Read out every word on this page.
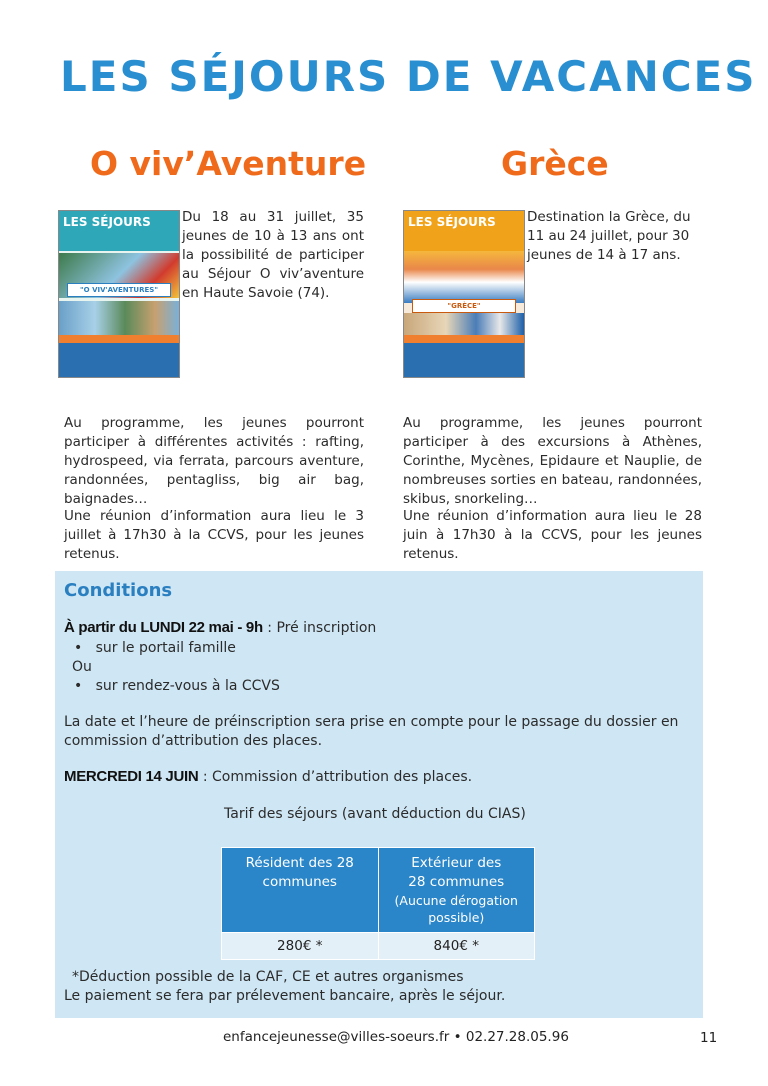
LES SÉJOURS DE VACANCES
O viv’Aventure
LES SÉJOURS
"O VIV'AVENTURES"
Du 18 au 31 juillet, 35 jeunes de 10 à 13 ans ont la possibilité de participer au Séjour O viv’aventure en Haute Savoie (74).
Au programme, les jeunes pourront participer à différentes activités : rafting, hydrospeed, via ferrata, parcours aventure, randonnées, pentagliss, big air bag, baignades…
Une réunion d’information aura lieu le 3 juillet à 17h30 à la CCVS, pour les jeunes retenus.
Grèce
LES SÉJOURS
"GRÈCE"
Destination la Grèce, du 11 au 24 juillet, pour 30 jeunes de 14 à 17 ans.
Au programme, les jeunes pourront participer à des excursions à Athènes, Corinthe, Mycènes, Epidaure et Nauplie, de nombreuses sorties en bateau, randonnées, skibus, snorkeling…
Une réunion d’information aura lieu le 28 juin à 17h30 à la CCVS, pour les jeunes retenus.
Conditions
À partir du LUNDI 22 mai - 9h : Pré inscription
• sur le portail famille
Ou
• sur rendez-vous à la CCVS
La date et l’heure de préinscription sera prise en compte pour le passage du dossier en commission d’attribution des places.
MERCREDI 14 JUIN : Commission d’attribution des places.
Tarif des séjours (avant déduction du CIAS)
Résident des 28 communes	Extérieur des
28 communes
(Aucune dérogation possible)

280€ *	840€ *
*Déduction possible de la CAF, CE et autres organismes
Le paiement se fera par prélevement bancaire, après le séjour.
enfancejeunesse@villes-soeurs.fr • 02.27.28.05.96	11
